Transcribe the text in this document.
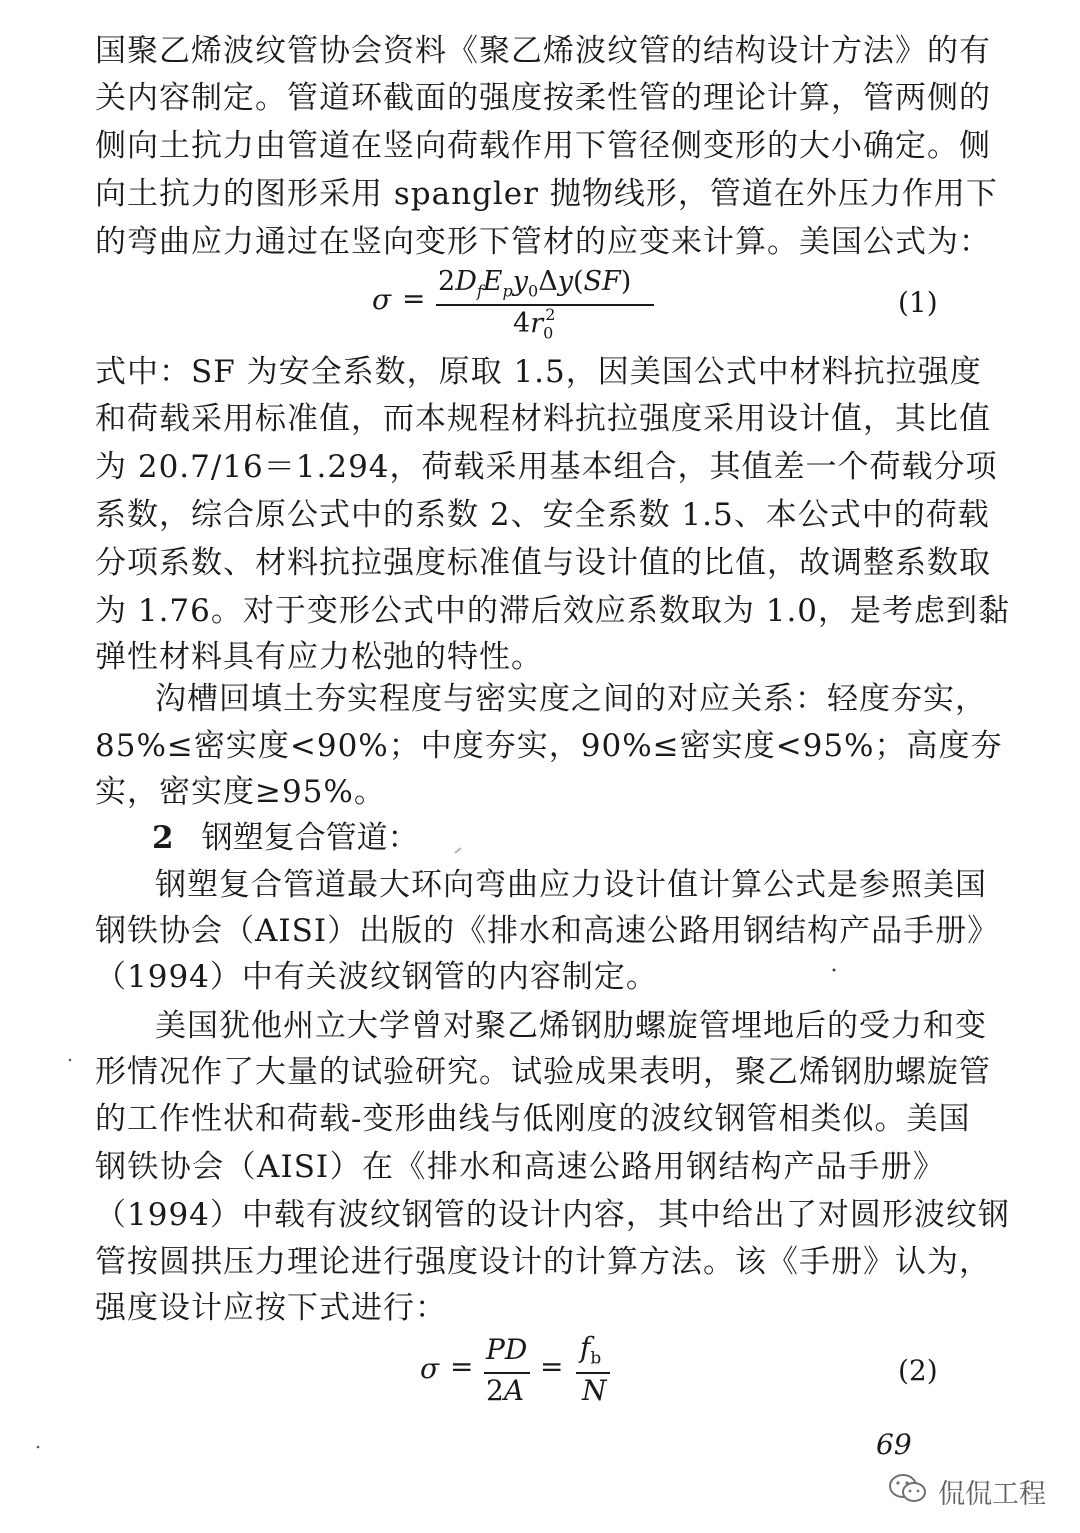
国聚乙烯波纹管协会资料《聚乙烯波纹管的结构设计方法》的有
关内容制定。管道环截面的强度按柔性管的理论计算，管两侧的
侧向土抗力由管道在竖向荷载作用下管径侧变形的大小确定。侧
向土抗力的图形采用 spangler 抛物线形，管道在外压力作用下
的弯曲应力通过在竖向变形下管材的应变来计算。美国公式为：
σ =
$2D_fE_py_0\Delta y(SF)$
$4r_0^2$	(1)
式中：SF 为安全系数，原取 1.5，因美国公式中材料抗拉强度
和荷载采用标准值，而本规程材料抗拉强度采用设计值，其比值
为 20.7/16＝1.294，荷载采用基本组合，其值差一个荷载分项
系数，综合原公式中的系数 2、安全系数 1.5、本公式中的荷载
分项系数、材料抗拉强度标准值与设计值的比值，故调整系数取
为 1.76。对于变形公式中的滞后效应系数取为 1.0，是考虑到黏
弹性材料具有应力松弛的特性。
沟槽回填土夯实程度与密实度之间的对应关系：轻度夯实，
85%≤密实度<90%；中度夯实，90%≤密实度<95%；高度夯
实，密实度≥95%。
2 钢塑复合管道：
钢塑复合管道最大环向弯曲应力设计值计算公式是参照美国
钢铁协会（AISI）出版的《排水和高速公路用钢结构产品手册》
（1994）中有关波纹钢管的内容制定。
美国犹他州立大学曾对聚乙烯钢肋螺旋管埋地后的受力和变
形情况作了大量的试验研究。试验成果表明，聚乙烯钢肋螺旋管
的工作性状和荷载-变形曲线与低刚度的波纹钢管相类似。美国
钢铁协会（AISI）在《排水和高速公路用钢结构产品手册》
（1994）中载有波纹钢管的设计内容，其中给出了对圆形波纹钢
管按圆拱压力理论进行强度设计的计算方法。该《手册》认为，
强度设计应按下式进行：
σ =
PD
2A
=
$f_b$
N
(2)
69
侃侃工程
